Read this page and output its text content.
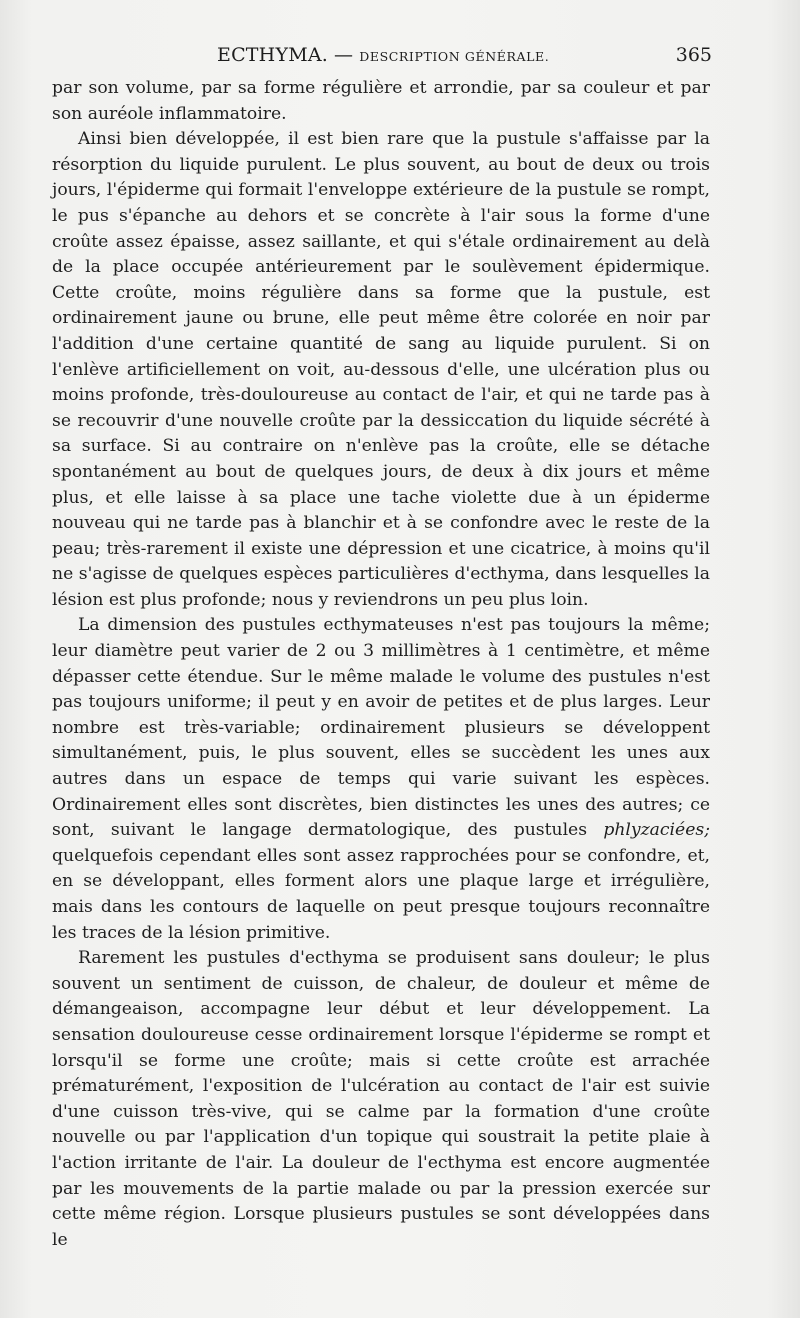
ECTHYMA. — DESCRIPTION GÉNÉRALE.	365

par son volume, par sa forme régulière et arrondie, par sa couleur et par son auréole inflammatoire.

Ainsi bien développée, il est bien rare que la pustule s'affaisse par la résorption du liquide purulent. Le plus souvent, au bout de deux ou trois jours, l'épiderme qui formait l'enveloppe extérieure de la pustule se rompt, le pus s'épanche au dehors et se concrète à l'air sous la forme d'une croûte assez épaisse, assez saillante, et qui s'étale ordinairement au delà de la place occupée antérieurement par le soulèvement épidermique. Cette croûte, moins régulière dans sa forme que la pustule, est ordinairement jaune ou brune, elle peut même être colorée en noir par l'addition d'une certaine quantité de sang au liquide purulent. Si on l'enlève artificiellement on voit, au-dessous d'elle, une ulcération plus ou moins profonde, très-douloureuse au contact de l'air, et qui ne tarde pas à se recouvrir d'une nouvelle croûte par la dessiccation du liquide sécrété à sa surface. Si au contraire on n'enlève pas la croûte, elle se détache spontanément au bout de quelques jours, de deux à dix jours et même plus, et elle laisse à sa place une tache violette due à un épiderme nouveau qui ne tarde pas à blanchir et à se confondre avec le reste de la peau; très-rarement il existe une dépression et une cicatrice, à moins qu'il ne s'agisse de quelques espèces particulières d'ecthyma, dans lesquelles la lésion est plus profonde; nous y reviendrons un peu plus loin.

La dimension des pustules ecthymateuses n'est pas toujours la même; leur diamètre peut varier de 2 ou 3 millimètres à 1 centimètre, et même dépasser cette étendue. Sur le même malade le volume des pustules n'est pas toujours uniforme; il peut y en avoir de petites et de plus larges. Leur nombre est très-variable; ordinairement plusieurs se développent simultanément, puis, le plus souvent, elles se succèdent les unes aux autres dans un espace de temps qui varie suivant les espèces. Ordinairement elles sont discrètes, bien distinctes les unes des autres; ce sont, suivant le langage dermatologique, des pustules phlyzaciées; quelquefois cependant elles sont assez rapprochées pour se confondre, et, en se développant, elles forment alors une plaque large et irrégulière, mais dans les contours de laquelle on peut presque toujours reconnaître les traces de la lésion primitive.

Rarement les pustules d'ecthyma se produisent sans douleur; le plus souvent un sentiment de cuisson, de chaleur, de douleur et même de démangeaison, accompagne leur début et leur développement. La sensation douloureuse cesse ordinairement lorsque l'épiderme se rompt et lorsqu'il se forme une croûte; mais si cette croûte est arrachée prématurément, l'exposition de l'ulcération au contact de l'air est suivie d'une cuisson très-vive, qui se calme par la formation d'une croûte nouvelle ou par l'application d'un topique qui soustrait la petite plaie à l'action irritante de l'air. La douleur de l'ecthyma est encore augmentée par les mouvements de la partie malade ou par la pression exercée sur cette même région. Lorsque plusieurs pustules se sont développées dans le
